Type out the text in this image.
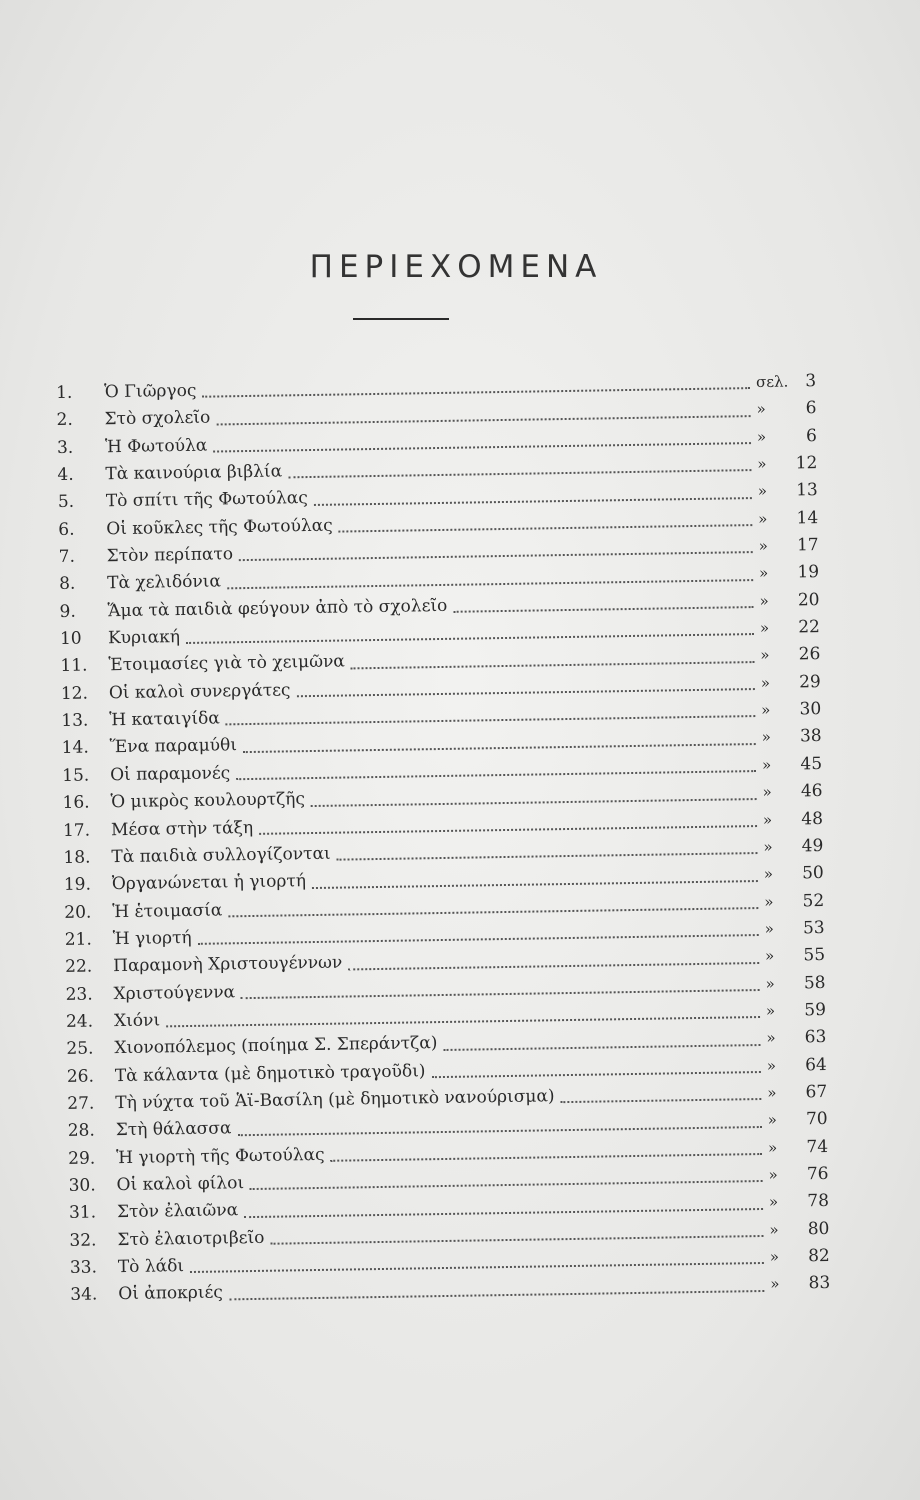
ΠΕΡΙΕΧΟΜΕΝΑ
1.	Ὁ Γιῶργος	σελ. 3
2.	Στὸ σχολεῖο	»	6
3.	Ἡ Φωτούλα	»	6
4.	Τὰ καινούρια βιβλία	»	12
5.	Τὸ σπίτι τῆς Φωτούλας	»	13
6.	Οἱ κοῦκλες τῆς Φωτούλας	»	14
7.	Στὸν περίπατο	»	17
8.	Τὰ χελιδόνια	»	19
9.	Ἅμα τὰ παιδιὰ φεύγουν ἀπὸ τὸ σχολεῖο	»	20
10	Κυριακή	»	22
11.	Ἑτοιμασίες γιὰ τὸ χειμῶνα	»	26
12.	Οἱ καλοὶ συνεργάτες	»	29
13.	Ἡ καταιγίδα	»	30
14.	Ἕνα παραμύθι	»	38
15.	Οἱ παραμονές	»	45
16.	Ὁ μικρὸς κουλουρτζῆς	»	46
17.	Μέσα στὴν τάξη	»	48
18.	Τὰ παιδιὰ συλλογίζονται	»	49
19.	Ὀργανώνεται ἡ γιορτή	»	50
20.	Ἡ ἑτοιμασία	»	52
21.	Ἡ γιορτή	»	53
22.	Παραμονὴ Χριστουγέννων	»	55
23.	Χριστούγεννα	»	58
24.	Χιόνι	»	59
25.	Χιονοπόλεμος (ποίημα Σ. Σπεράντζα)	»	63
26.	Τὰ κάλαντα (μὲ δημοτικὸ τραγοῦδι)	»	64
27.	Τὴ νύχτα τοῦ Ἁϊ-Βασίλη (μὲ δημοτικὸ νανούρισμα)	»	67
28.	Στὴ θάλασσα	»	70
29.	Ἡ γιορτὴ τῆς Φωτούλας	»	74
30.	Οἱ καλοὶ φίλοι	»	76
31.	Στὸν ἐλαιῶνα	»	78
32.	Στὸ ἐλαιοτριβεῖο	»	80
33.	Τὸ λάδι	»	82
34.	Οἱ ἀποκριές	»	83
